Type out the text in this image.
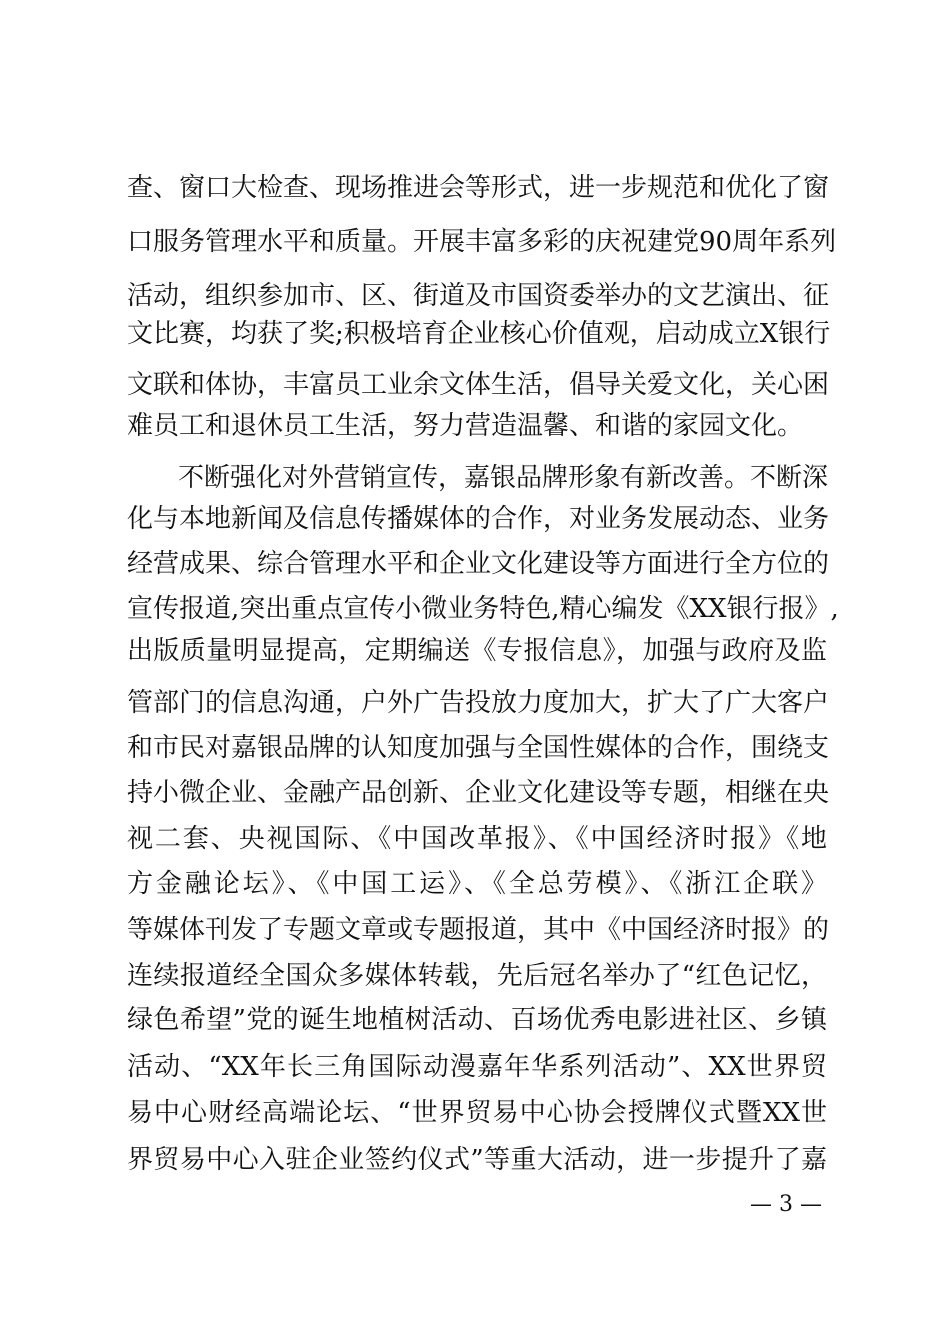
查、窗口大检查、现场推进会等形式，进一步规范和优化了窗
口服务管理水平和质量。开展丰富多彩的庆祝建党90周年系列
活动，组织参加市、区、街道及市国资委举办的文艺演出、征
文比赛，均获了奖;积极培育企业核心价值观，启动成立X银行
文联和体协，丰富员工业余文体生活，倡导关爱文化，关心困
难员工和退休员工生活，努力营造温馨、和谐的家园文化。
不断强化对外营销宣传，嘉银品牌形象有新改善。不断深
化与本地新闻及信息传播媒体的合作，对业务发展动态、业务
经营成果、综合管理水平和企业文化建设等方面进行全方位的
宣传报道,突出重点宣传小微业务特色,精心编发《XX银行报》,
出版质量明显提高，定期编送《专报信息》，加强与政府及监
管部门的信息沟通，户外广告投放力度加大，扩大了广大客户
和市民对嘉银品牌的认知度加强与全国性媒体的合作，围绕支
持小微企业、金融产品创新、企业文化建设等专题，相继在央
视二套、央视国际、《中国改革报》、《中国经济时报》《地
方金融论坛》、《中国工运》、《全总劳模》、《浙江企联》
等媒体刊发了专题文章或专题报道，其中《中国经济时报》的
连续报道经全国众多媒体转载，先后冠名举办了“红色记忆，
绿色希望”党的诞生地植树活动、百场优秀电影进社区、乡镇
活动、“XX年长三角国际动漫嘉年华系列活动”、XX世界贸
易中心财经高端论坛、“世界贸易中心协会授牌仪式暨XX世
界贸易中心入驻企业签约仪式”等重大活动，进一步提升了嘉
— 3 —
